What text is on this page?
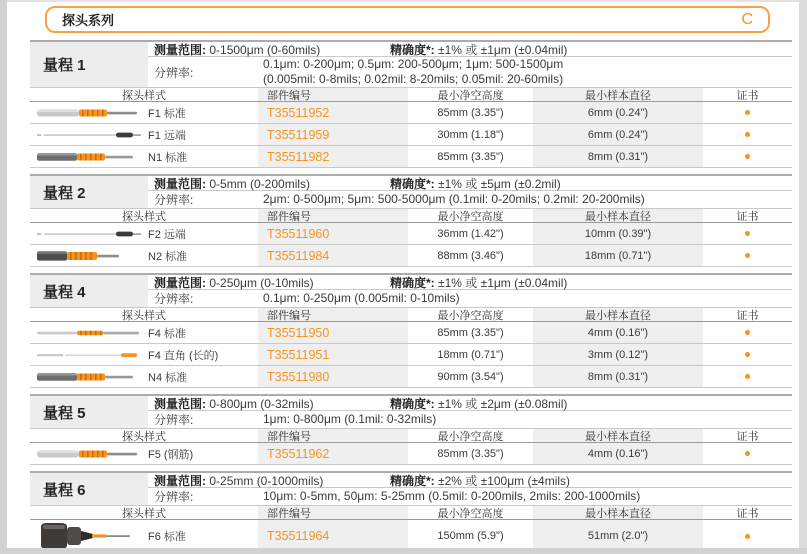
探头系列	C
量程 1
测量范围: 0-1500μm (0-60mils)	精确度*: ±1% 或 ±1μm (±0.04mil)
分辨率:
0.1μm: 0-200μm; 0.5μm: 200-500μm; 1μm: 500-1500μm
(0.005mil: 0-8mils; 0.02mil: 8-20mils; 0.05mil: 20-60mils)
探头样式	部件编号	最小净空高度	最小样本直径	证书
F1 标准	T35511952	85mm (3.35")	6mm (0.24")
F1 远端	T35511959	30mm (1.18")	6mm (0.24")
N1 标准	T35511982	85mm (3.35")	8mm (0.31")
量程 2
测量范围: 0-5mm (0-200mils)	精确度*: ±1% 或 ±5μm (±0.2mil)
分辨率:	2μm: 0-500μm; 5μm: 500-5000μm (0.1mil: 0-20mils; 0.2mil: 20-200mils)
探头样式	部件编号	最小净空高度	最小样本直径	证书
F2 远端	T35511960	36mm (1.42")	10mm (0.39")
N2 标准	T35511984	88mm (3.46")	18mm (0.71")
量程 4
测量范围: 0-250μm (0-10mils)	精确度*: ±1% 或 ±1μm (±0.04mil)
分辨率:	0.1μm: 0-250μm (0.005mil: 0-10mils)
探头样式	部件编号	最小净空高度	最小样本直径	证书
F4 标准	T35511950	85mm (3.35")	4mm (0.16")
F4 直角 (长的)	T35511951	18mm (0.71")	3mm (0.12")
N4 标准	T35511980	90mm (3.54")	8mm (0.31")
量程 5
测量范围: 0-800μm (0-32mils)	精确度*: ±1% 或 ±2μm (±0.08mil)
分辨率:	1μm: 0-800μm (0.1mil: 0-32mils)
探头样式	部件编号	最小净空高度	最小样本直径	证书
F5 (钢筋)	T35511962	85mm (3.35")	4mm (0.16")
量程 6
测量范围: 0-25mm (0-1000mils)	精确度*: ±2% 或 ±100μm (±4mils)
分辨率:	10μm: 0-5mm, 50μm: 5-25mm (0.5mil: 0-200mils, 2mils: 200-1000mils)
探头样式	部件编号	最小净空高度	最小样本直径	证书
F6 标准	T35511964	150mm (5.9")	51mm (2.0")
